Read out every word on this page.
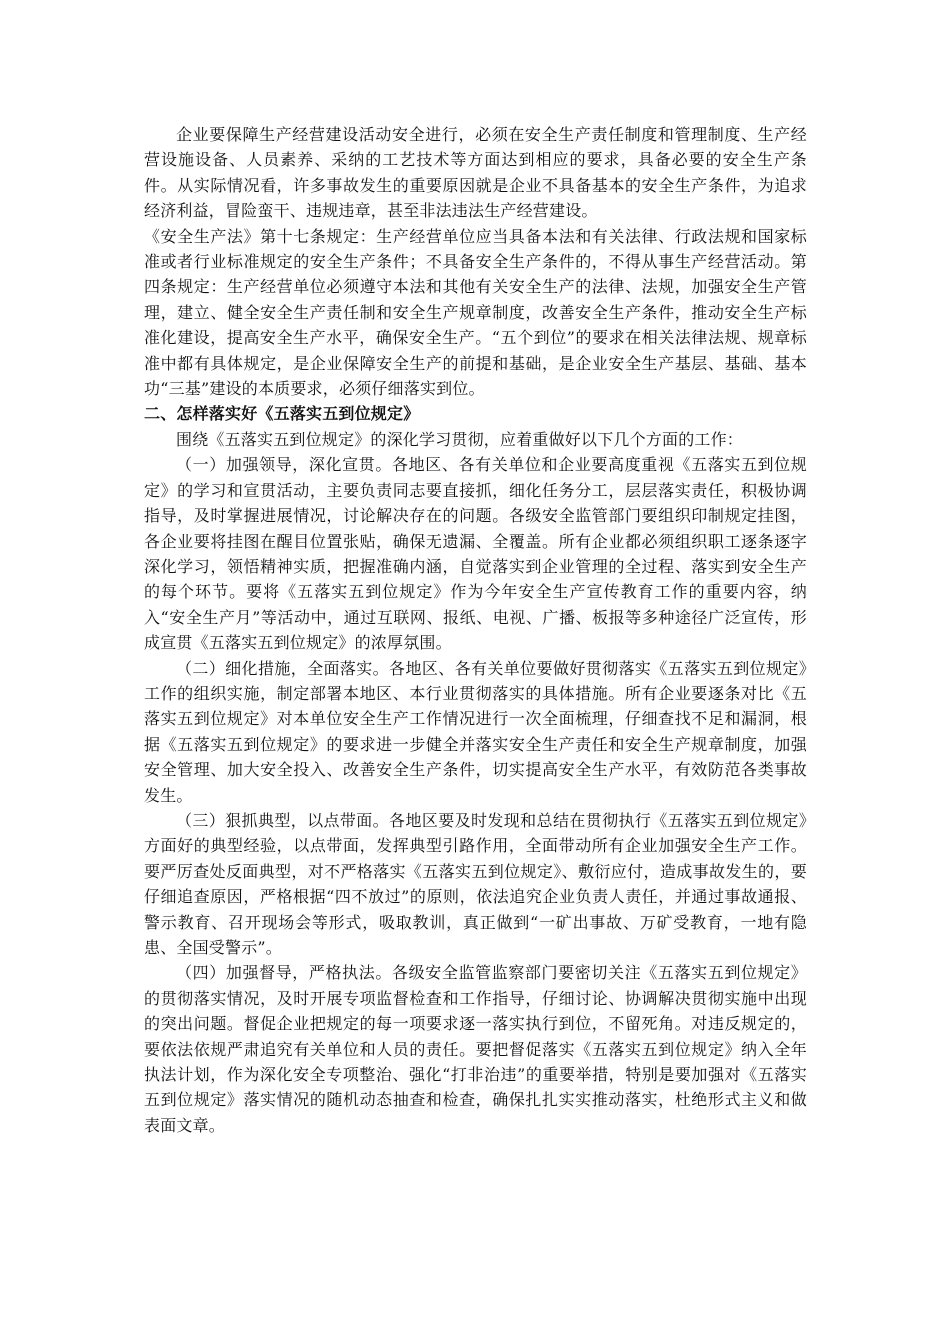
企业要保障生产经营建设活动安全进行，必须在安全生产责任制度和管理制度、生产经营设施设备、人员素养、采纳的工艺技术等方面达到相应的要求，具备必要的安全生产条件。从实际情况看，许多事故发生的重要原因就是企业不具备基本的安全生产条件，为追求经济利益，冒险蛮干、违规违章，甚至非法违法生产经营建设。

《安全生产法》第十七条规定：生产经营单位应当具备本法和有关法律、行政法规和国家标准或者行业标准规定的安全生产条件；不具备安全生产条件的，不得从事生产经营活动。第四条规定：生产经营单位必须遵守本法和其他有关安全生产的法律、法规，加强安全生产管理，建立、健全安全生产责任制和安全生产规章制度，改善安全生产条件，推动安全生产标准化建设，提高安全生产水平，确保安全生产。“五个到位”的要求在相关法律法规、规章标准中都有具体规定，是企业保障安全生产的前提和基础，是企业安全生产基层、基础、基本功“三基”建设的本质要求，必须仔细落实到位。

二、怎样落实好《五落实五到位规定》

围绕《五落实五到位规定》的深化学习贯彻，应着重做好以下几个方面的工作：

（一）加强领导，深化宣贯。各地区、各有关单位和企业要高度重视《五落实五到位规定》的学习和宣贯活动，主要负责同志要直接抓，细化任务分工，层层落实责任，积极协调指导，及时掌握进展情况，讨论解决存在的问题。各级安全监管部门要组织印制规定挂图，各企业要将挂图在醒目位置张贴，确保无遗漏、全覆盖。所有企业都必须组织职工逐条逐字深化学习，领悟精神实质，把握准确内涵，自觉落实到企业管理的全过程、落实到安全生产的每个环节。要将《五落实五到位规定》作为今年安全生产宣传教育工作的重要内容，纳入“安全生产月”等活动中，通过互联网、报纸、电视、广播、板报等多种途径广泛宣传，形成宣贯《五落实五到位规定》的浓厚氛围。

（二）细化措施，全面落实。各地区、各有关单位要做好贯彻落实《五落实五到位规定》工作的组织实施，制定部署本地区、本行业贯彻落实的具体措施。所有企业要逐条对比《五落实五到位规定》对本单位安全生产工作情况进行一次全面梳理，仔细查找不足和漏洞，根据《五落实五到位规定》的要求进一步健全并落实安全生产责任和安全生产规章制度，加强安全管理、加大安全投入、改善安全生产条件，切实提高安全生产水平，有效防范各类事故发生。

（三）狠抓典型，以点带面。各地区要及时发现和总结在贯彻执行《五落实五到位规定》方面好的典型经验，以点带面，发挥典型引路作用，全面带动所有企业加强安全生产工作。要严厉查处反面典型，对不严格落实《五落实五到位规定》、敷衍应付，造成事故发生的，要仔细追查原因，严格根据“四不放过”的原则，依法追究企业负责人责任，并通过事故通报、警示教育、召开现场会等形式，吸取教训，真正做到“一矿出事故、万矿受教育，一地有隐患、全国受警示”。

（四）加强督导，严格执法。各级安全监管监察部门要密切关注《五落实五到位规定》的贯彻落实情况，及时开展专项监督检查和工作指导，仔细讨论、协调解决贯彻实施中出现的突出问题。督促企业把规定的每一项要求逐一落实执行到位，不留死角。对违反规定的，要依法依规严肃追究有关单位和人员的责任。要把督促落实《五落实五到位规定》纳入全年执法计划，作为深化安全专项整治、强化“打非治违”的重要举措，特别是要加强对《五落实五到位规定》落实情况的随机动态抽查和检查，确保扎扎实实推动落实，杜绝形式主义和做表面文章。
